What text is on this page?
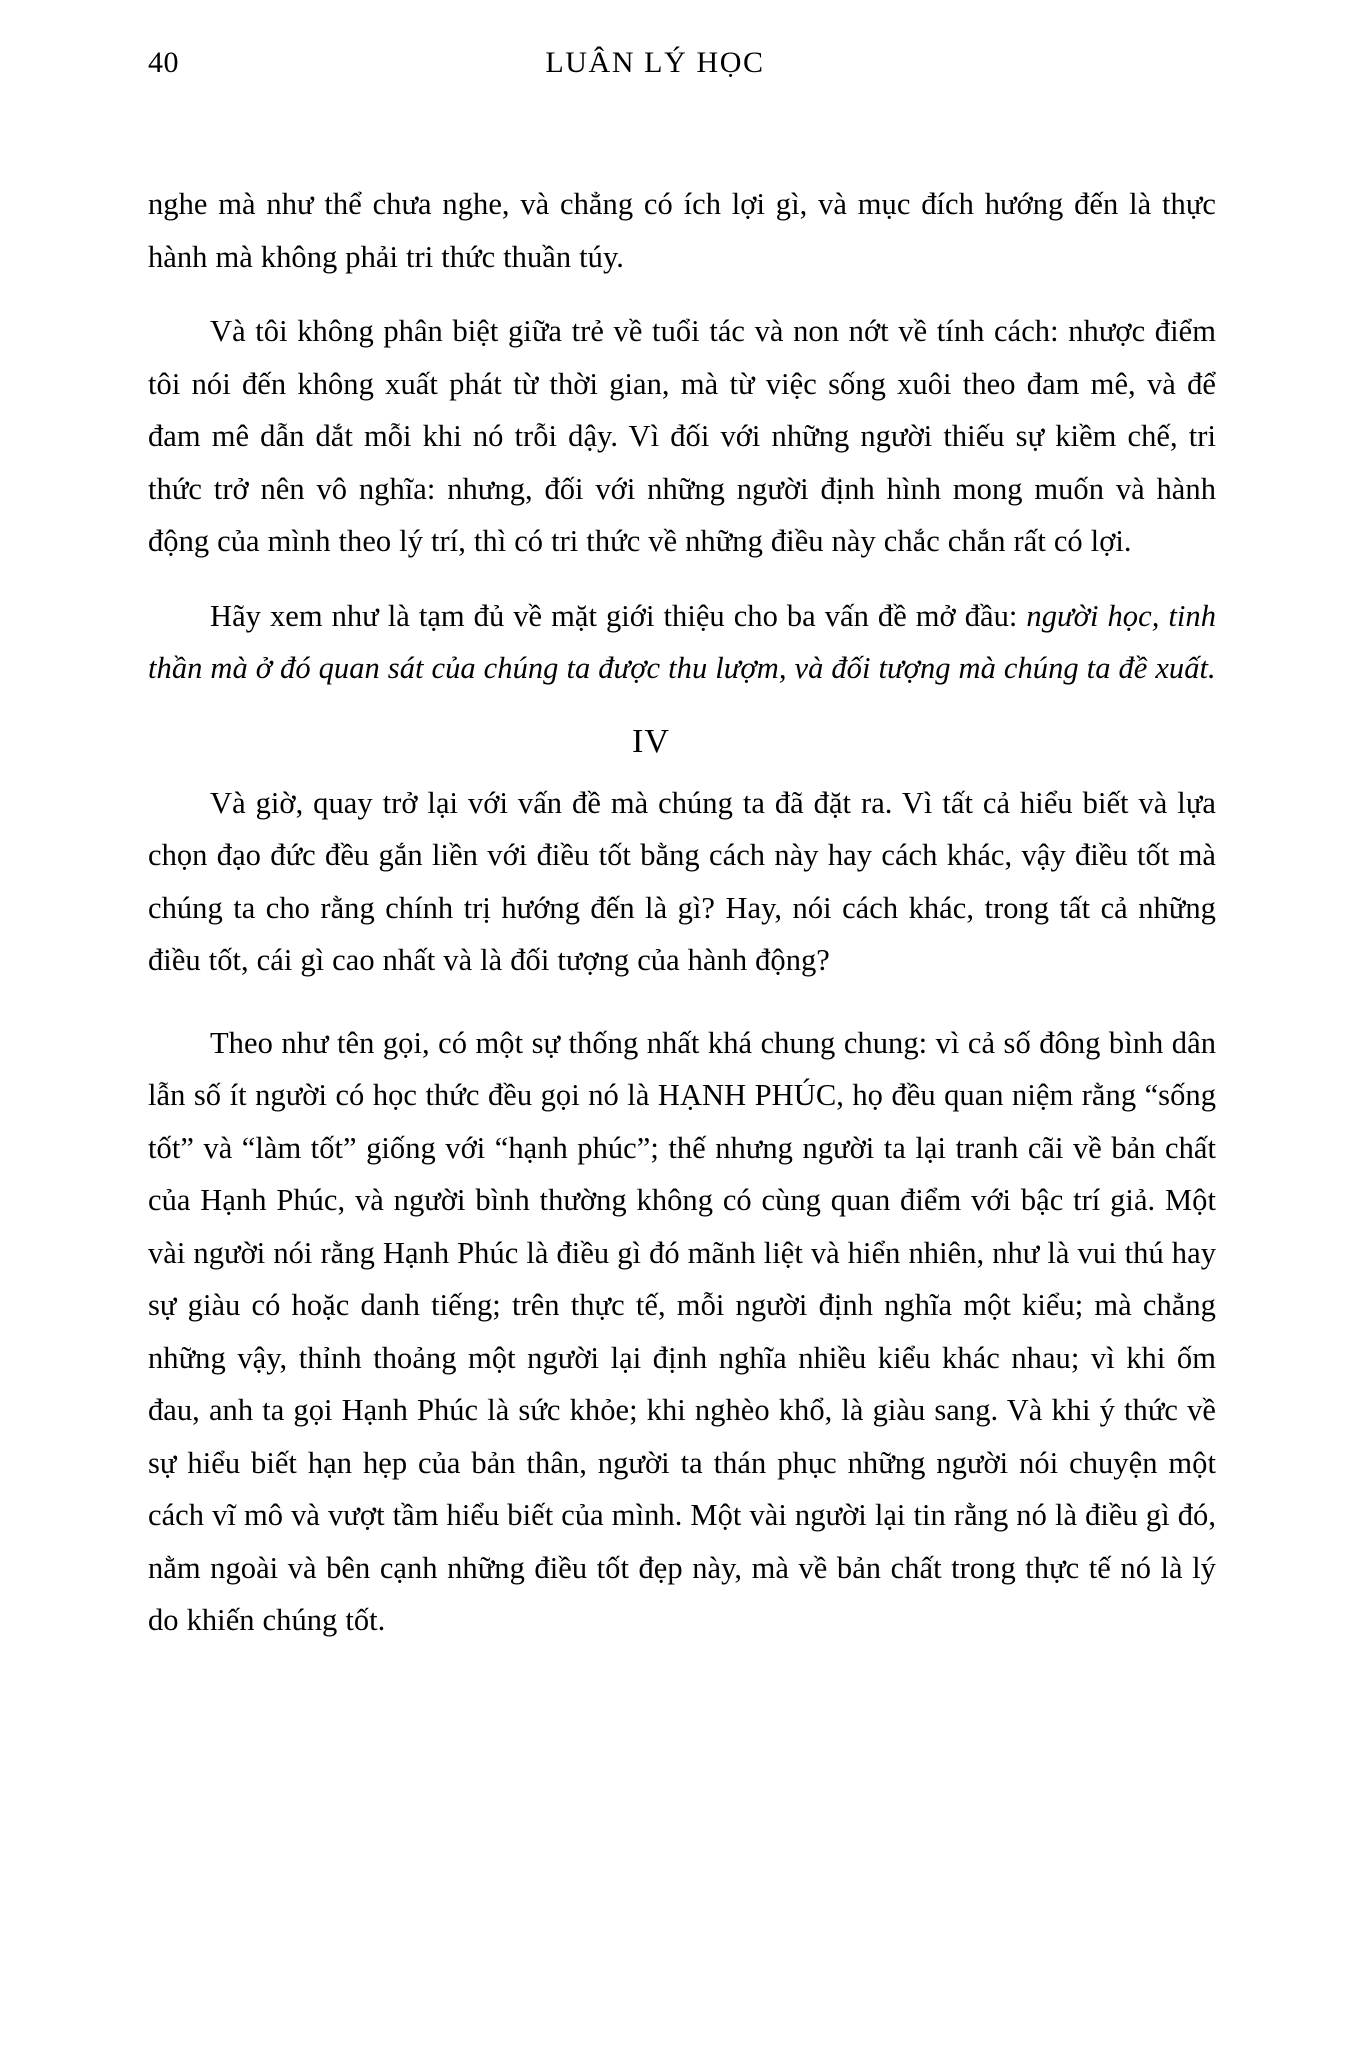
40	LUÂN LÝ HỌC

nghe mà như thể chưa nghe, và chẳng có ích lợi gì, và mục đích hướng đến là thực hành mà không phải tri thức thuần túy.

Và tôi không phân biệt giữa trẻ về tuổi tác và non nớt về tính cách: nhược điểm tôi nói đến không xuất phát từ thời gian, mà từ việc sống xuôi theo đam mê, và để đam mê dẫn dắt mỗi khi nó trỗi dậy. Vì đối với những người thiếu sự kiềm chế, tri thức trở nên vô nghĩa: nhưng, đối với những người định hình mong muốn và hành động của mình theo lý trí, thì có tri thức về những điều này chắc chắn rất có lợi.

Hãy xem như là tạm đủ về mặt giới thiệu cho ba vấn đề mở đầu: người học, tinh thần mà ở đó quan sát của chúng ta được thu lượm, và đối tượng mà chúng ta đề xuất.

IV

Và giờ, quay trở lại với vấn đề mà chúng ta đã đặt ra. Vì tất cả hiểu biết và lựa chọn đạo đức đều gắn liền với điều tốt bằng cách này hay cách khác, vậy điều tốt mà chúng ta cho rằng chính trị hướng đến là gì? Hay, nói cách khác, trong tất cả những điều tốt, cái gì cao nhất và là đối tượng của hành động?

Theo như tên gọi, có một sự thống nhất khá chung chung: vì cả số đông bình dân lẫn số ít người có học thức đều gọi nó là HẠNH PHÚC, họ đều quan niệm rằng “sống tốt” và “làm tốt” giống với “hạnh phúc”; thế nhưng người ta lại tranh cãi về bản chất của Hạnh Phúc, và người bình thường không có cùng quan điểm với bậc trí giả. Một vài người nói rằng Hạnh Phúc là điều gì đó mãnh liệt và hiển nhiên, như là vui thú hay sự giàu có hoặc danh tiếng; trên thực tế, mỗi người định nghĩa một kiểu; mà chẳng những vậy, thỉnh thoảng một người lại định nghĩa nhiều kiểu khác nhau; vì khi ốm đau, anh ta gọi Hạnh Phúc là sức khỏe; khi nghèo khổ, là giàu sang. Và khi ý thức về sự hiểu biết hạn hẹp của bản thân, người ta thán phục những người nói chuyện một cách vĩ mô và vượt tầm hiểu biết của mình. Một vài người lại tin rằng nó là điều gì đó, nằm ngoài và bên cạnh những điều tốt đẹp này, mà về bản chất trong thực tế nó là lý do khiến chúng tốt.
